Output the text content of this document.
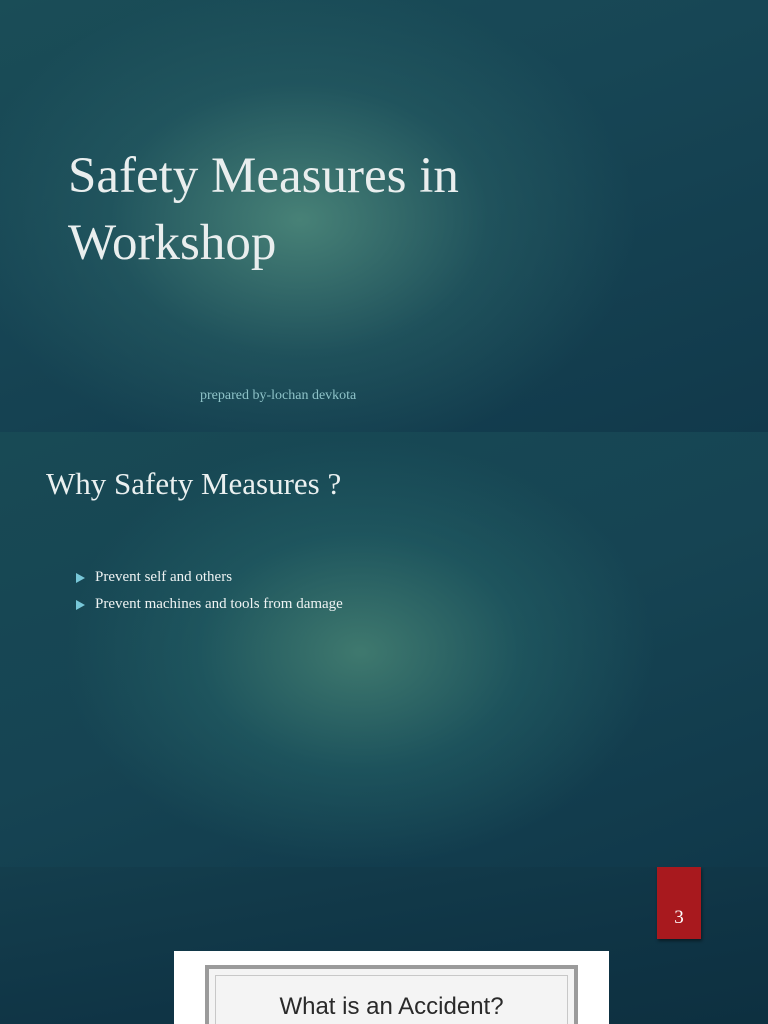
Safety Measures in Workshop

prepared by-lochan devkota

Why Safety Measures ?
Prevent self and others
Prevent machines and tools from damage
3

What is an Accident?
